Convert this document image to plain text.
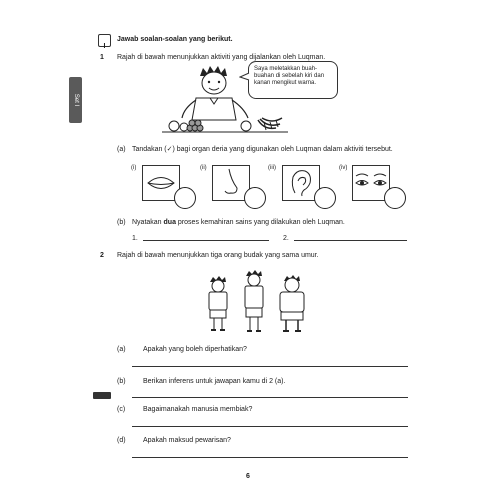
I
Jawab soalan-soalan yang berikut.
Set I
1 Rajah di bawah menunjukkan aktiviti yang dijalankan oleh Luqman.
Saya meletakkan buah-buahan di sebelah kiri dan kanan mengikut warna.
(a) Tandakan (✓) bagi organ deria yang digunakan oleh Luqman dalam aktiviti tersebut.
(i)	(ii)	(iii)	(iv)
(b) Nyatakan dua proses kemahiran sains yang dilakukan oleh Luqman.
1.	2.
2 Rajah di bawah menunjukkan tiga orang budak yang sama umur.
(a) Apakah yang boleh diperhatikan?
(b) Berikan inferens untuk jawapan kamu di 2 (a).
(c)	Bagaimanakah manusia membiak?
(d) Apakah maksud pewarisan?
6
